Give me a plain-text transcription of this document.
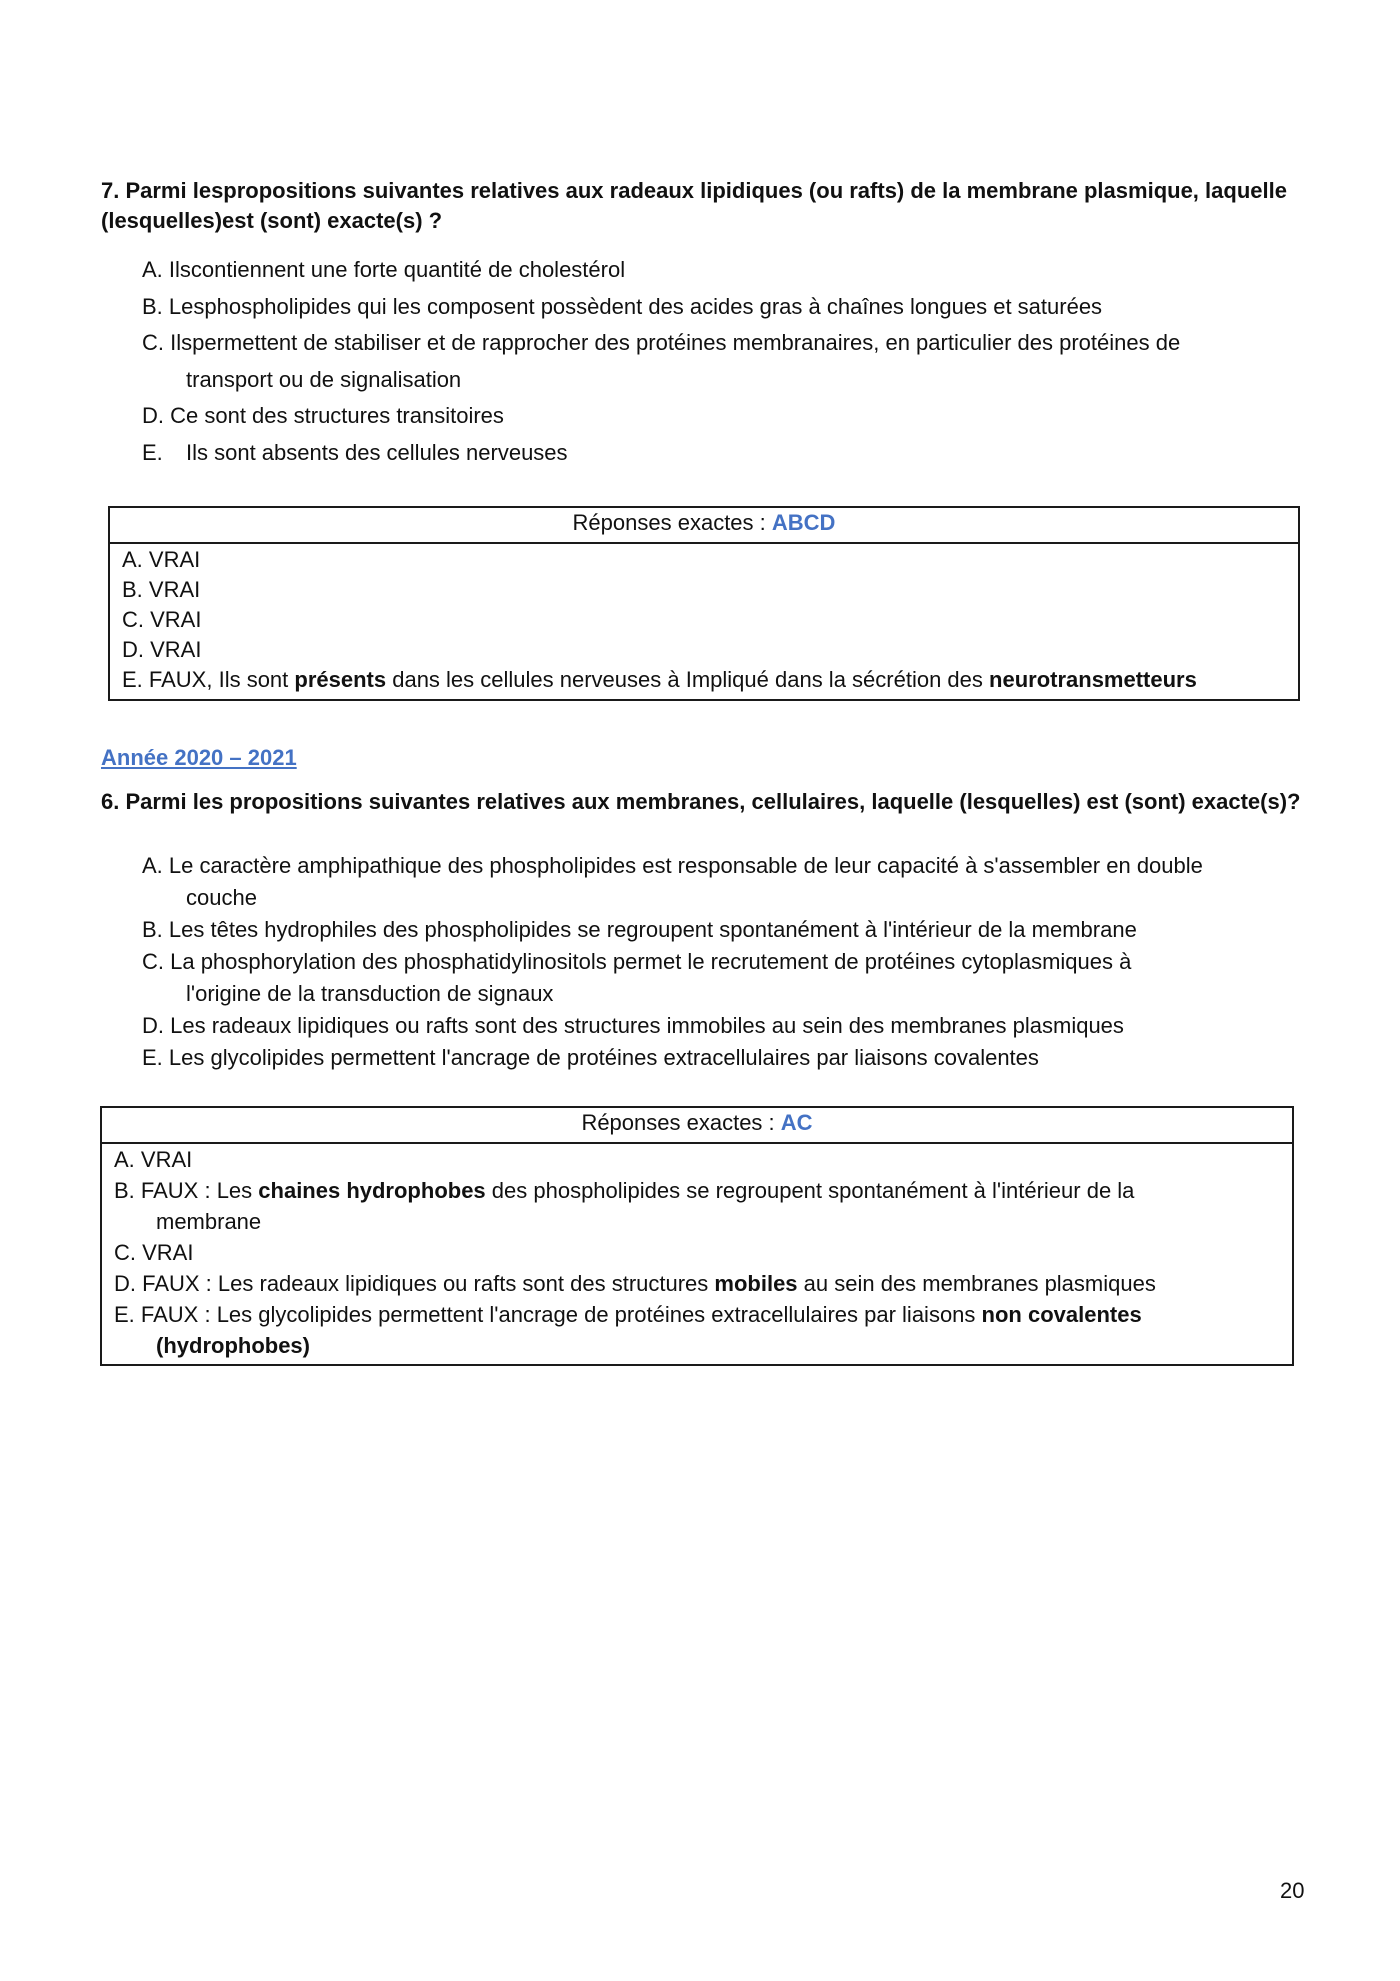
7. Parmi lespropositions suivantes relatives aux radeaux lipidiques (ou rafts) de la membrane plasmique, laquelle (lesquelles)est (sont) exacte(s) ?
A. Ilscontiennent une forte quantité de cholestérol
B. Lesphospholipides qui les composent possèdent des acides gras à chaînes longues et saturées
C. Ilspermettent de stabiliser et de rapprocher des protéines membranaires, en particulier des protéines de
transport ou de signalisation
D. Ce sont des structures transitoires
E. Ils sont absents des cellules nerveuses
Réponses exactes : ABCD
A. VRAI
B. VRAI
C. VRAI
D. VRAI
E. FAUX, Ils sont présents dans les cellules nerveuses à Impliqué dans la sécrétion des neurotransmetteurs
Année 2020 – 2021
6. Parmi les propositions suivantes relatives aux membranes, cellulaires, laquelle (lesquelles) est (sont) exacte(s)?
A. Le caractère amphipathique des phospholipides est responsable de leur capacité à s'assembler en double
couche
B. Les têtes hydrophiles des phospholipides se regroupent spontanément à l'intérieur de la membrane
C. La phosphorylation des phosphatidylinositols permet le recrutement de protéines cytoplasmiques à
l'origine de la transduction de signaux
D. Les radeaux lipidiques ou rafts sont des structures immobiles au sein des membranes plasmiques
E. Les glycolipides permettent l'ancrage de protéines extracellulaires par liaisons covalentes
Réponses exactes : AC
A. VRAI
B. FAUX : Les chaines hydrophobes des phospholipides se regroupent spontanément à l'intérieur de la
membrane
C. VRAI
D. FAUX : Les radeaux lipidiques ou rafts sont des structures mobiles au sein des membranes plasmiques
E. FAUX : Les glycolipides permettent l'ancrage de protéines extracellulaires par liaisons non covalentes
(hydrophobes)
20
